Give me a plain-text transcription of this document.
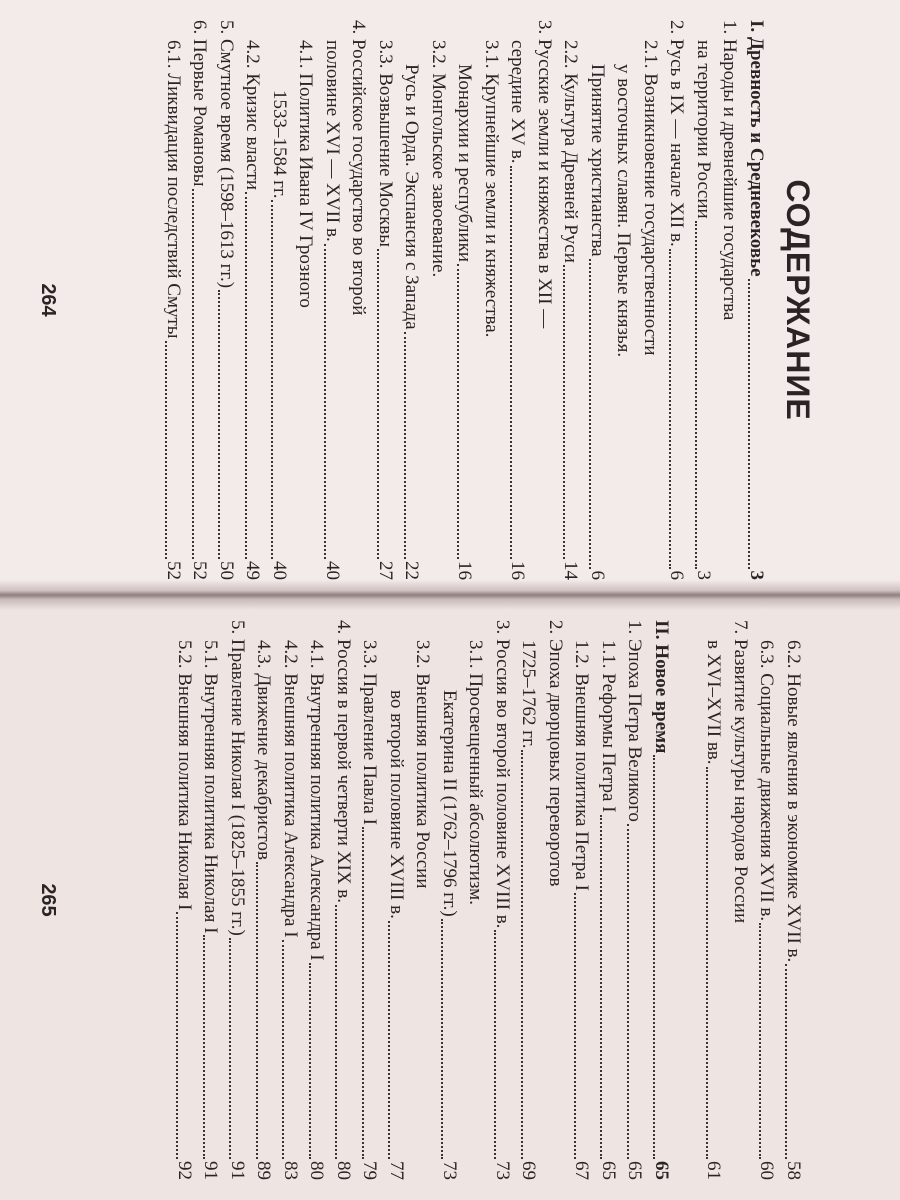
СОДЕРЖАНИЕ
I. Древность и Средневековье
3
1. Народы и древнейшие государства
на территории России
3
2. Русь в IX — начале XII в.
6
2.1. Возникновение государственности
у восточных славян. Первые князья.
Принятие христианства
6
2.2. Культура Древней Руси
14
3. Русские земли и княжества в XII —
середине XV в.
16
3.1. Крупнейшие земли и княжества.
Монархии и республики
16
3.2. Монгольское завоевание.
Русь и Орда. Экспансия с Запада
22
3.3. Возвышение Москвы
27
4. Российское государство во второй
половине XVI — XVII в.
40
4.1. Политика Ивана IV Грозного
1533–1584 гг.
40
4.2. Кризис власти
49
5. Смутное время (1598–1613 гг.)
50
6. Первые Романовы
52
6.1. Ликвидация последствий Смуты
52
264
6.2. Новые явления в экономике XVII в.
58
6.3. Социальные движения XVII в.
60
7. Развитие культуры народов России
в XVI–XVII вв.
61
II. Новое время
65
1. Эпоха Петра Великого
65
1.1. Реформы Петра I
65
1.2. Внешняя политика Петра I
67
2. Эпоха дворцовых переворотов
1725–1762 гг.
69
3. Россия во второй половине XVIII в.
73
3.1. Просвещенный абсолютизм.
Екатерина II (1762–1796 гг.)
73
3.2. Внешняя политика России
во второй половине XVIII в.
77
3.3. Правление Павла I
79
4. Россия в первой четверти XIX в.
80
4.1. Внутренняя политика Александра I
80
4.2. Внешняя политика Александра I
83
4.3. Движение декабристов
89
5. Правление Николая I (1825–1855 гг.)
91
5.1. Внутренняя политика Николая I
91
5.2. Внешняя политика Николая I
92
265
